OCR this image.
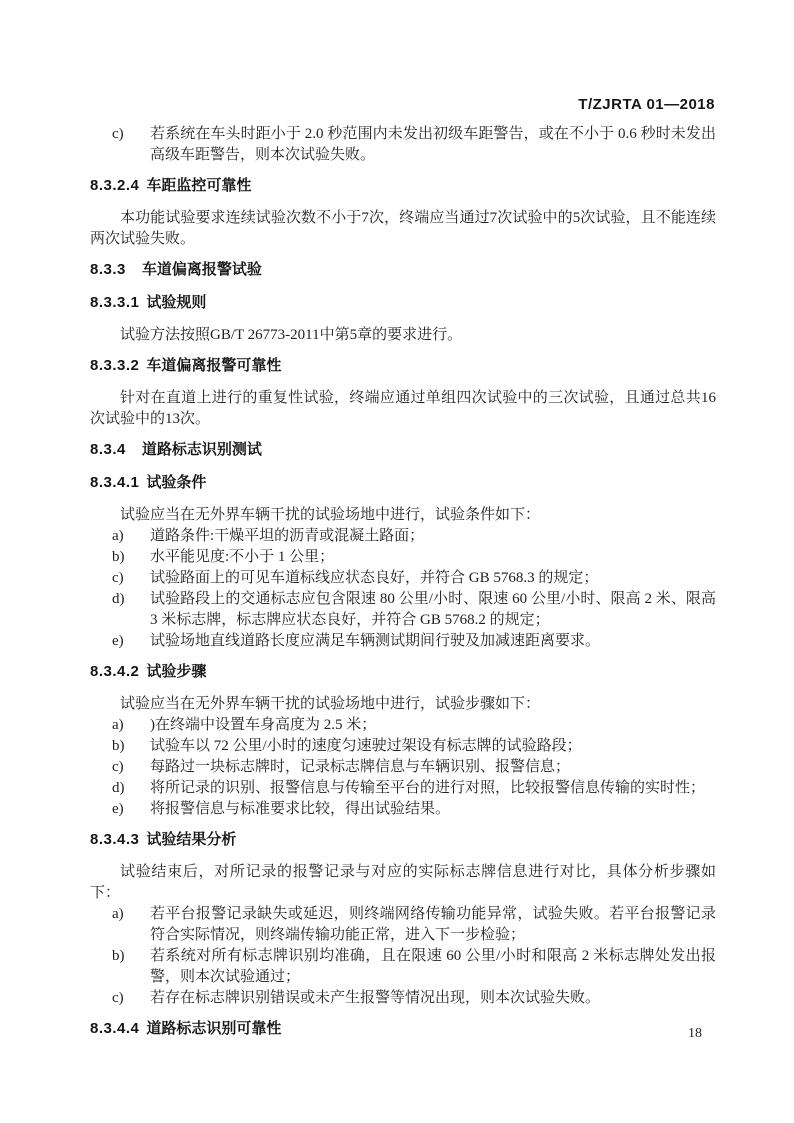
T/ZJRTA 01—2018
c) 若系统在车头时距小于 2.0 秒范围内未发出初级车距警告，或在不小于 0.6 秒时未发出高级车距警告，则本次试验失败。
8.3.2.4 车距监控可靠性

本功能试验要求连续试验次数不小于7次，终端应当通过7次试验中的5次试验，且不能连续两次试验失败。

8.3.3 车道偏离报警试验
8.3.3.1 试验规则

试验方法按照GB/T 26773-2011中第5章的要求进行。

8.3.3.2 车道偏离报警可靠性

针对在直道上进行的重复性试验，终端应通过单组四次试验中的三次试验，且通过总共16次试验中的13次。

8.3.4 道路标志识别测试
8.3.4.1 试验条件

试验应当在无外界车辆干扰的试验场地中进行，试验条件如下：

a) 道路条件:干燥平坦的沥青或混凝土路面；
b) 水平能见度:不小于 1 公里；
c) 试验路面上的可见车道标线应状态良好，并符合 GB 5768.3 的规定；
d) 试验路段上的交通标志应包含限速 80 公里/小时、限速 60 公里/小时、限高 2 米、限高 3 米标志牌，标志牌应状态良好，并符合 GB 5768.2 的规定；
e) 试验场地直线道路长度应满足车辆测试期间行驶及加减速距离要求。
8.3.4.2 试验步骤

试验应当在无外界车辆干扰的试验场地中进行，试验步骤如下：

a) )在终端中设置车身高度为 2.5 米；
b) 试验车以 72 公里/小时的速度匀速驶过架设有标志牌的试验路段；
c) 每路过一块标志牌时，记录标志牌信息与车辆识别、报警信息；
d) 将所记录的识别、报警信息与传输至平台的进行对照，比较报警信息传输的实时性；
e) 将报警信息与标准要求比较，得出试验结果。
8.3.4.3 试验结果分析

试验结束后，对所记录的报警记录与对应的实际标志牌信息进行对比，具体分析步骤如下：

a) 若平台报警记录缺失或延迟，则终端网络传输功能异常，试验失败。若平台报警记录符合实际情况，则终端传输功能正常，进入下一步检验；
b) 若系统对所有标志牌识别均准确，且在限速 60 公里/小时和限高 2 米标志牌处发出报警，则本次试验通过；
c) 若存在标志牌识别错误或未产生报警等情况出现，则本次试验失败。
8.3.4.4 道路标志识别可靠性	18
